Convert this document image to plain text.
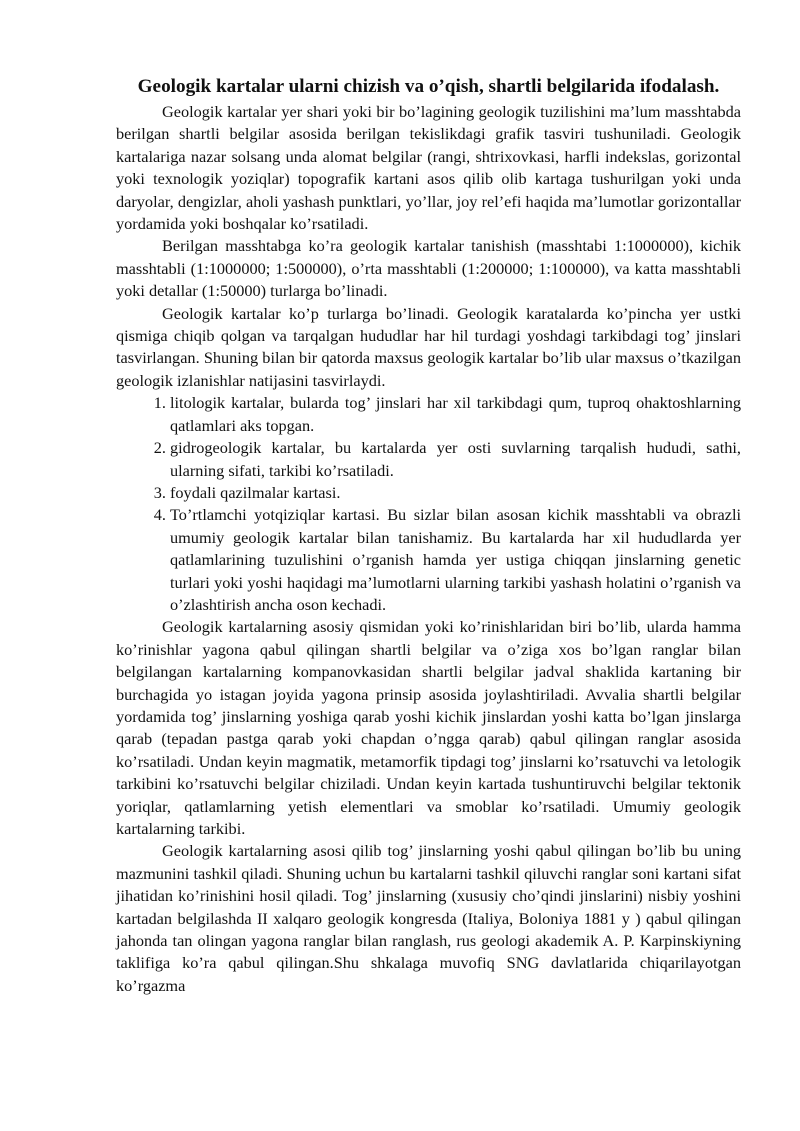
Geologik kartalar ularni chizish va o’qish, shartli belgilarida ifodalash.

Geologik kartalar yer shari yoki bir bo’lagining geologik tuzilishini ma’lum masshtabda berilgan shartli belgilar asosida berilgan tekislikdagi grafik tasviri tushuniladi. Geologik kartalariga nazar solsang unda alomat belgilar (rangi, shtrixovkasi, harfli indekslas, gorizontal yoki texnologik yoziqlar) topografik kartani asos qilib olib kartaga tushurilgan yoki unda daryolar, dengizlar, aholi yashash punktlari, yo’llar, joy rel’efi haqida ma’lumotlar gorizontallar yordamida yoki boshqalar ko’rsatiladi.

Berilgan masshtabga ko’ra geologik kartalar tanishish (masshtabi 1:1000000), kichik masshtabli (1:1000000; 1:500000), o’rta masshtabli (1:200000; 1:100000), va katta masshtabli yoki detallar (1:50000) turlarga bo’linadi.

Geologik kartalar ko’p turlarga bo’linadi. Geologik karatalarda ko’pincha yer ustki qismiga chiqib qolgan va tarqalgan hududlar har hil turdagi yoshdagi tarkibdagi tog’ jinslari tasvirlangan. Shuning bilan bir qatorda maxsus geologik kartalar bo’lib ular maxsus o’tkazilgan geologik izlanishlar natijasini tasvirlaydi.

1. litologik kartalar, bularda tog’ jinslari har xil tarkibdagi qum, tuproq ohaktoshlarning qatlamlari aks topgan.
2. gidrogeologik kartalar, bu kartalarda yer osti suvlarning tarqalish hududi, sathi, ularning sifati, tarkibi ko’rsatiladi.
3. foydali qazilmalar kartasi.
4. To’rtlamchi yotqiziqlar kartasi. Bu sizlar bilan asosan kichik masshtabli va obrazli umumiy geologik kartalar bilan tanishamiz. Bu kartalarda har xil hududlarda yer qatlamlarining tuzulishini o’rganish hamda yer ustiga chiqqan jinslarning genetic turlari yoki yoshi haqidagi ma’lumotlarni ularning tarkibi yashash holatini o’rganish va o’zlashtirish ancha oson kechadi.

Geologik kartalarning asosiy qismidan yoki ko’rinishlaridan biri bo’lib, ularda hamma ko’rinishlar yagona qabul qilingan shartli belgilar va o’ziga xos bo’lgan ranglar bilan belgilangan kartalarning kompanovkasidan shartli belgilar jadval shaklida kartaning bir burchagida yo istagan joyida yagona prinsip asosida joylashtiriladi. Avvalia shartli belgilar yordamida tog’ jinslarning yoshiga qarab yoshi kichik jinslardan yoshi katta bo’lgan jinslarga qarab (tepadan pastga qarab yoki chapdan o’ngga qarab) qabul qilingan ranglar asosida ko’rsatiladi. Undan keyin magmatik, metamorfik tipdagi tog’ jinslarni ko’rsatuvchi va letologik tarkibini ko’rsatuvchi belgilar chiziladi. Undan keyin kartada tushuntiruvchi belgilar tektonik yoriqlar, qatlamlarning yetish elementlari va smoblar ko’rsatiladi. Umumiy geologik kartalarning tarkibi.

Geologik kartalarning asosi qilib tog’ jinslarning yoshi qabul qilingan bo’lib bu uning mazmunini tashkil qiladi. Shuning uchun bu kartalarni tashkil qiluvchi ranglar soni kartani sifat jihatidan ko’rinishini hosil qiladi. Tog’ jinslarning (xususiy cho’qindi jinslarini) nisbiy yoshini kartadan belgilashda II xalqaro geologik kongresda (Italiya, Boloniya 1881 y ) qabul qilingan jahonda tan olingan yagona ranglar bilan ranglash, rus geologi akademik A. P. Karpinskiyning taklifiga ko’ra qabul qilingan.Shu shkalaga muvofiq SNG davlatlarida chiqarilayotgan ko’rgazma
